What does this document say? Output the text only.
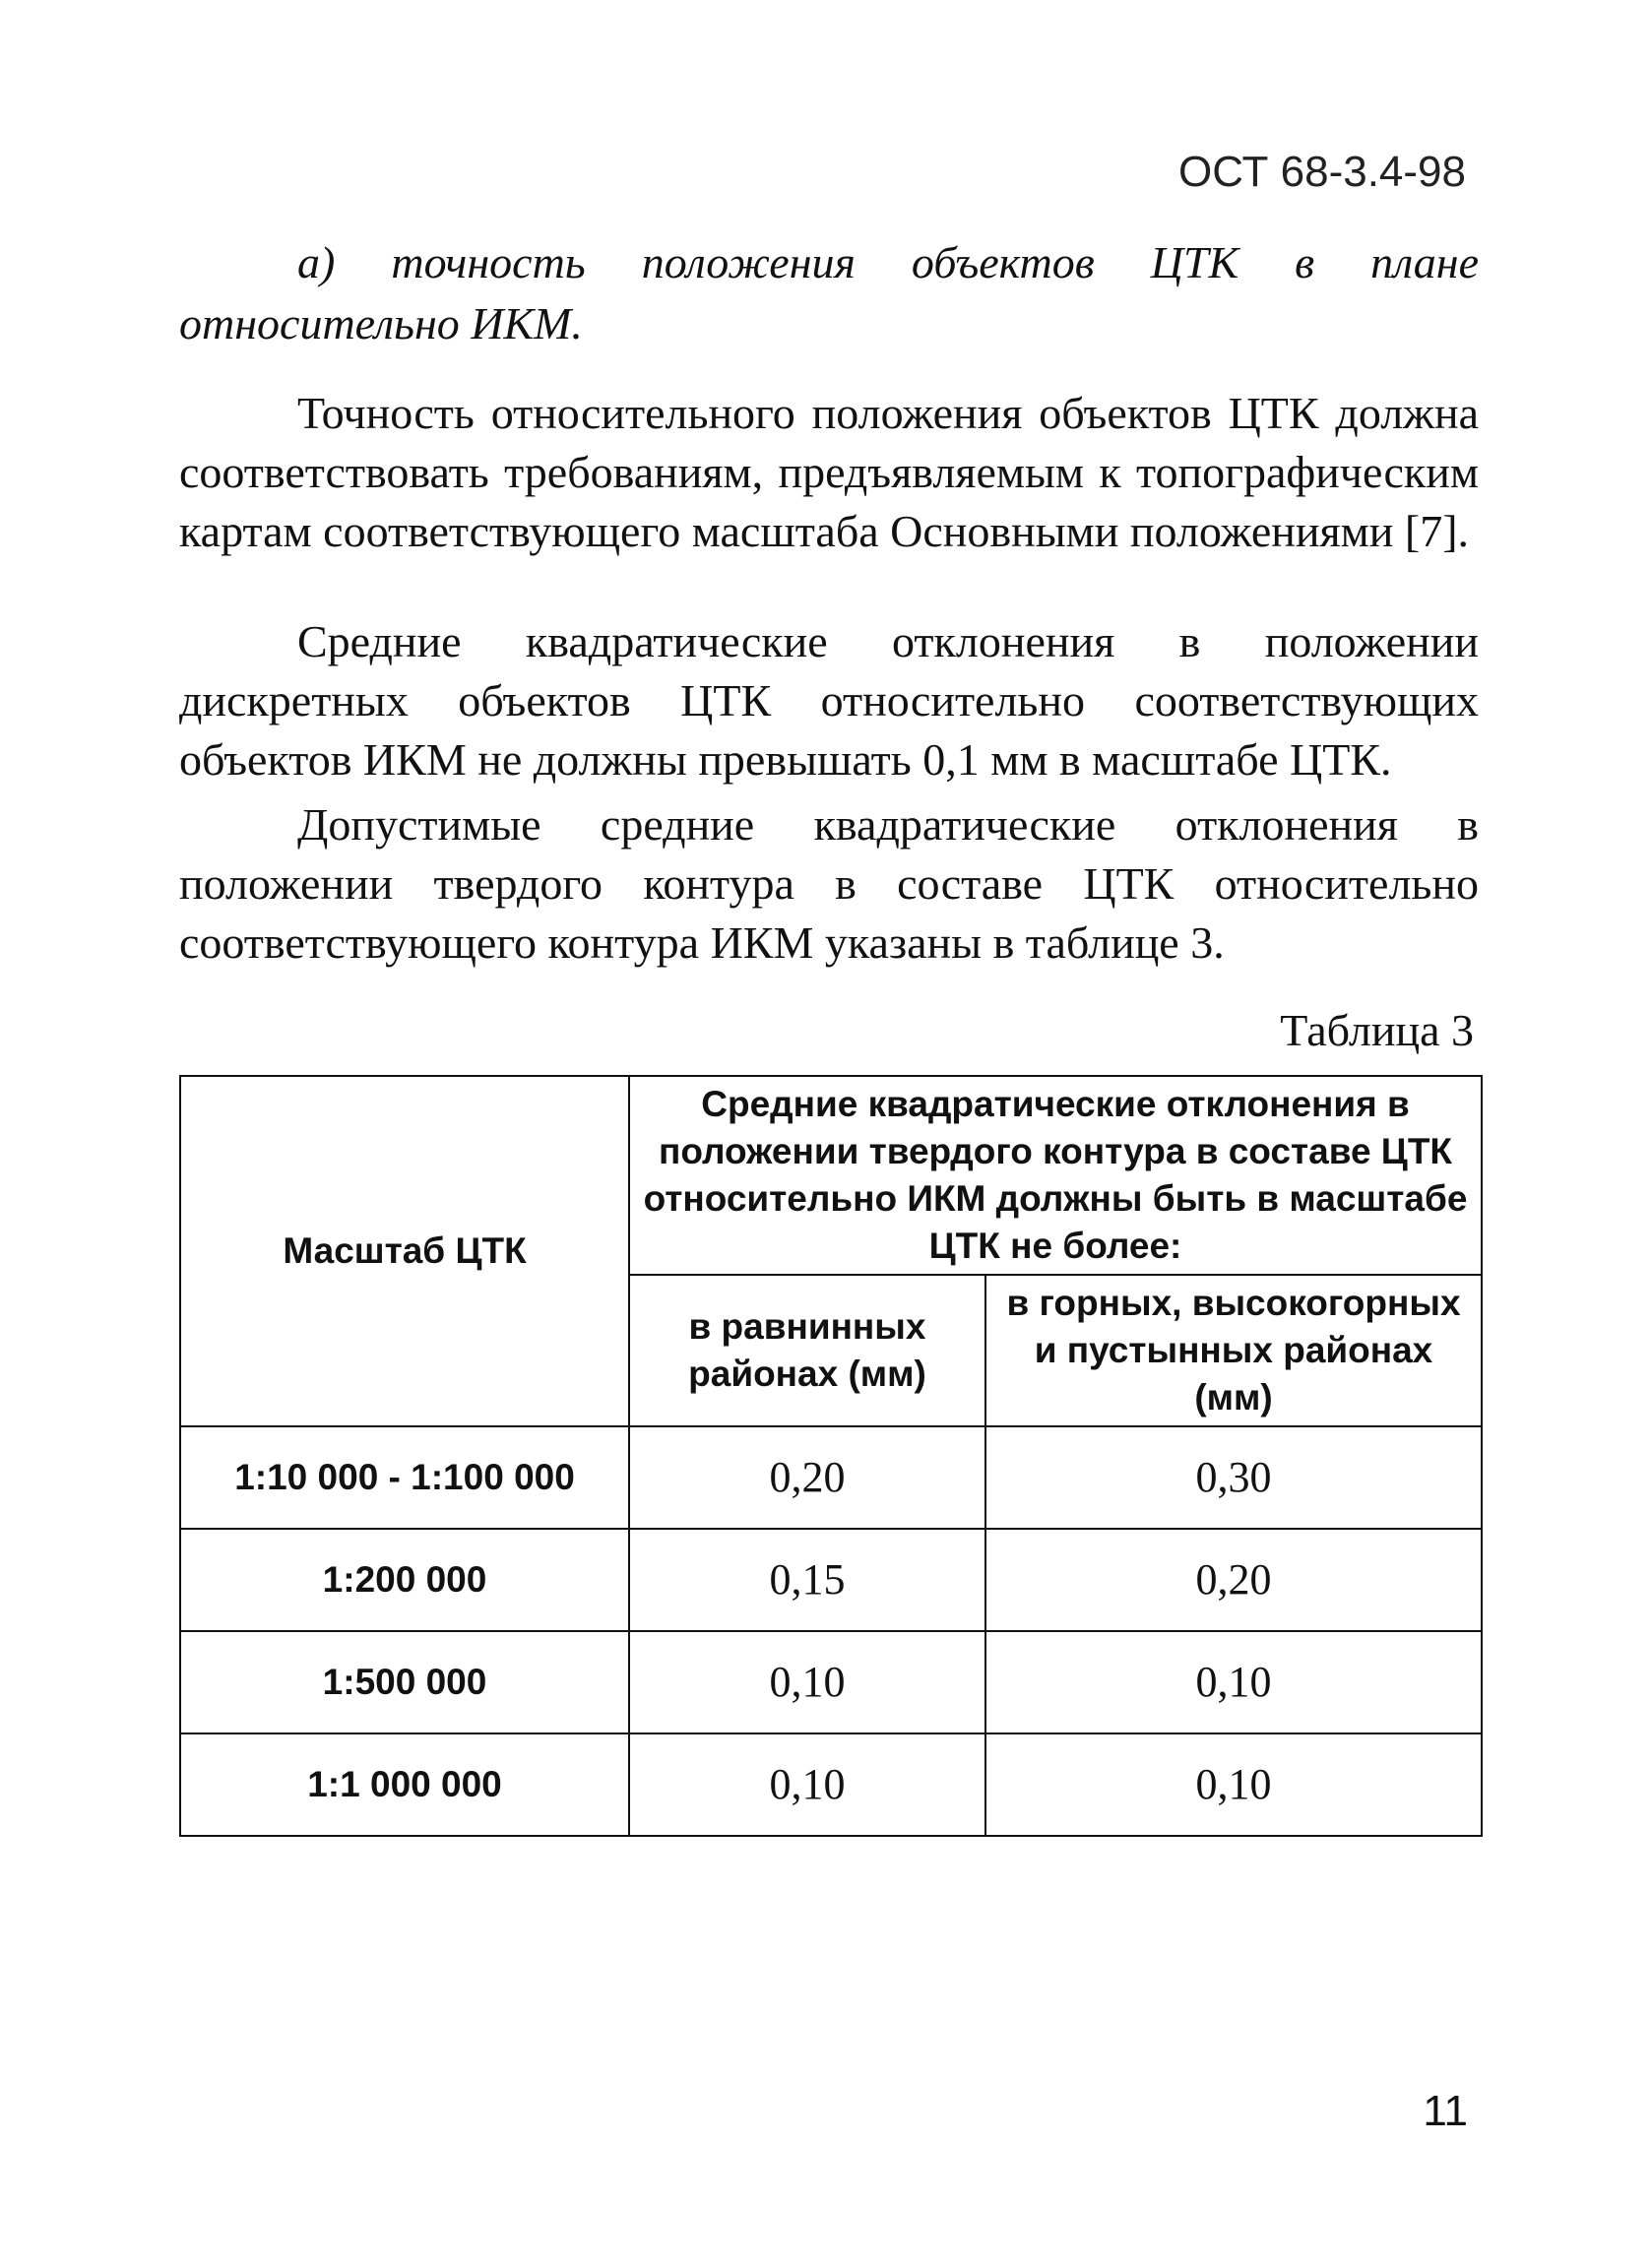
ОСТ 68-3.4-98
а) точность положения объектов ЦТК в плане относительно ИКМ.

Точность относительного положения объектов ЦТК должна соответствовать требованиям, предъявляемым к топографическим картам соответствующего масштаба Основными положениями [7].

Средние квадратические отклонения в положении дискретных объектов ЦТК относительно соответствующих объектов ИКМ не должны превышать 0,1 мм в масштабе ЦТК.

Допустимые средние квадратические отклонения в положении твердого контура в составе ЦТК относительно соответствующего контура ИКМ указаны в таблице 3.

Таблица 3
Масштаб ЦТК	Средние квадратические отклонения в положении твердого контура в составе ЦТК относительно ИКМ должны быть в масштабе ЦТК не более:	
	в равнинных районах (мм)	в горных, высокогорных и пустынных районах (мм)
1:10 000 - 1:100 000	0,20	0,30
1:200 000	0,15	0,20
1:500 000	0,10	0,10
1:1 000 000	0,10	0,10
11
